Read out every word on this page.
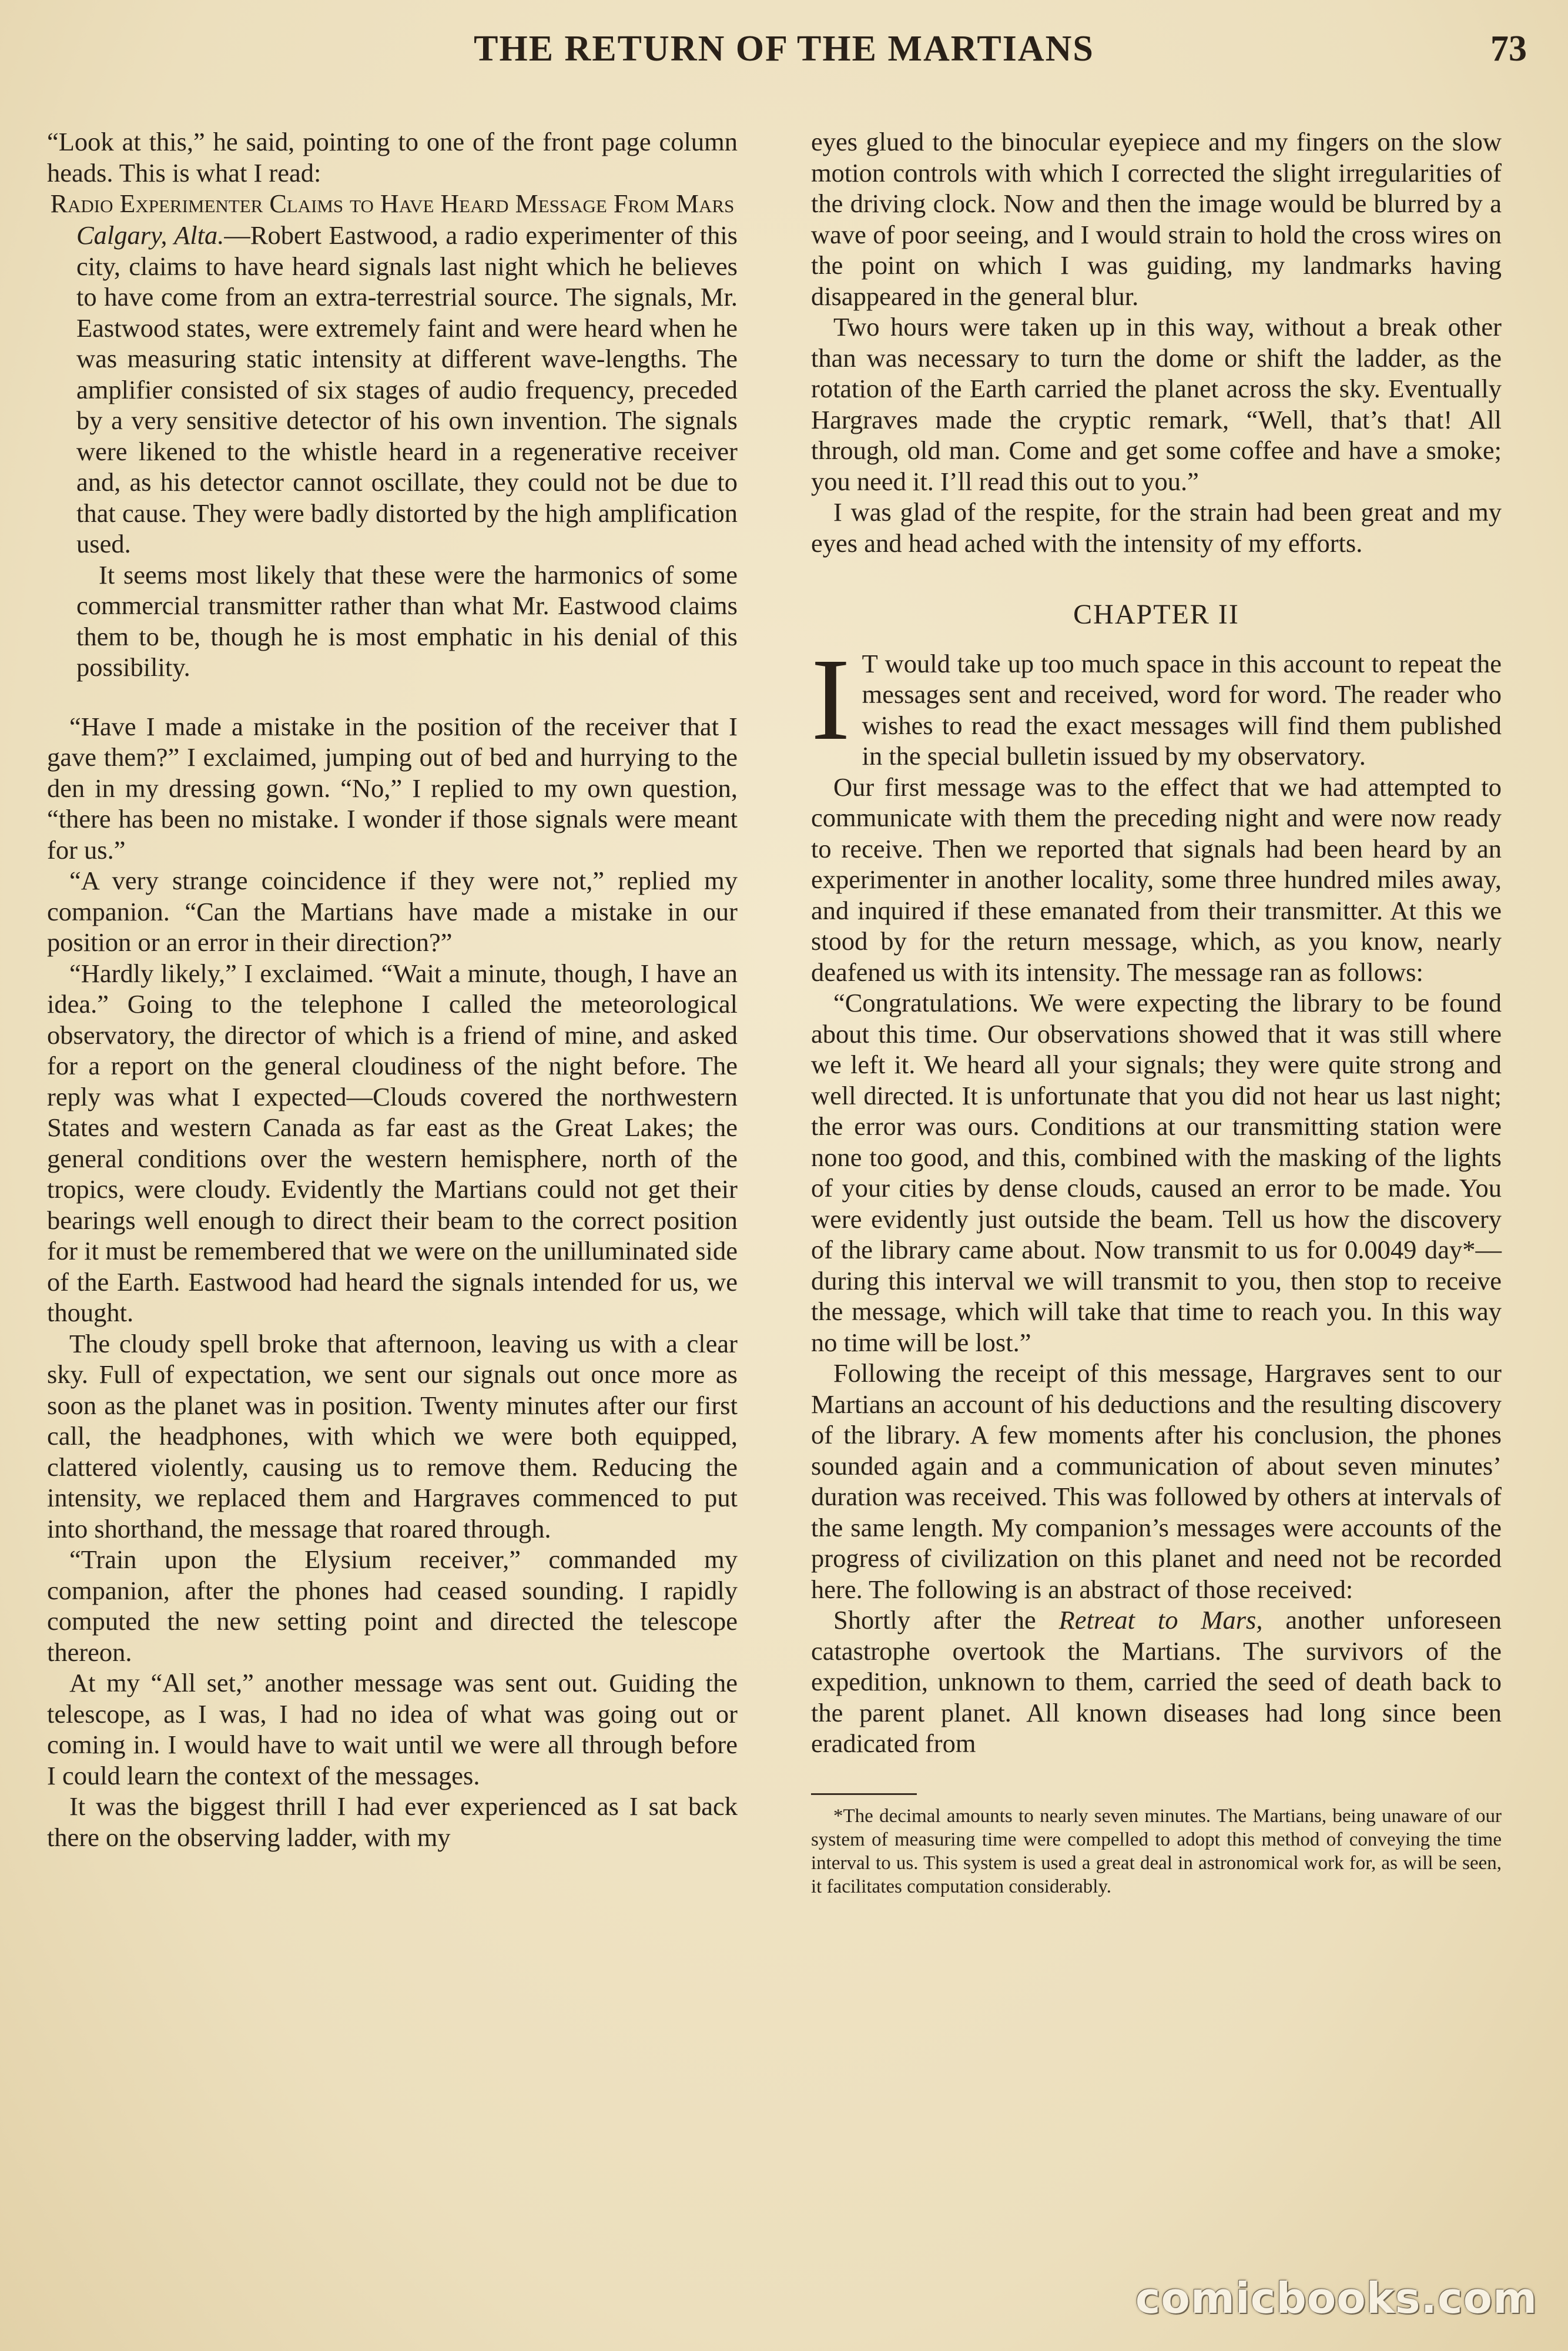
THE RETURN OF THE MARTIANS	73

“Look at this,” he said, pointing to one of the front page column heads. This is what I read:

Radio Experimenter Claims to Have Heard Message From Mars

Calgary, Alta.—Robert Eastwood, a radio experimenter of this city, claims to have heard signals last night which he believes to have come from an extra-terrestrial source. The signals, Mr. Eastwood states, were extremely faint and were heard when he was measuring static intensity at different wave-lengths. The amplifier consisted of six stages of audio frequency, preceded by a very sensitive detector of his own invention. The signals were likened to the whistle heard in a regenerative receiver and, as his detector cannot oscillate, they could not be due to that cause. They were badly distorted by the high amplification used.

It seems most likely that these were the harmonics of some commercial transmitter rather than what Mr. Eastwood claims them to be, though he is most emphatic in his denial of this possibility.

“Have I made a mistake in the position of the receiver that I gave them?” I exclaimed, jumping out of bed and hurrying to the den in my dressing gown. “No,” I replied to my own question, “there has been no mistake. I wonder if those signals were meant for us.”

“A very strange coincidence if they were not,” replied my companion. “Can the Martians have made a mistake in our position or an error in their direction?”

“Hardly likely,” I exclaimed. “Wait a minute, though, I have an idea.” Going to the telephone I called the meteorological observatory, the director of which is a friend of mine, and asked for a report on the general cloudiness of the night before. The reply was what I expected—Clouds covered the northwestern States and western Canada as far east as the Great Lakes; the general conditions over the western hemisphere, north of the tropics, were cloudy. Evidently the Martians could not get their bearings well enough to direct their beam to the correct position for it must be remembered that we were on the unilluminated side of the Earth. Eastwood had heard the signals intended for us, we thought.

The cloudy spell broke that afternoon, leaving us with a clear sky. Full of expectation, we sent our signals out once more as soon as the planet was in position. Twenty minutes after our first call, the headphones, with which we were both equipped, clattered violently, causing us to remove them. Reducing the intensity, we replaced them and Hargraves commenced to put into shorthand, the message that roared through.

“Train upon the Elysium receiver,” commanded my companion, after the phones had ceased sounding. I rapidly computed the new setting point and directed the telescope thereon.

At my “All set,” another message was sent out. Guiding the telescope, as I was, I had no idea of what was going out or coming in. I would have to wait until we were all through before I could learn the context of the messages.

It was the biggest thrill I had ever experienced as I sat back there on the observing ladder, with my

eyes glued to the binocular eyepiece and my fingers on the slow motion controls with which I corrected the slight irregularities of the driving clock. Now and then the image would be blurred by a wave of poor seeing, and I would strain to hold the cross wires on the point on which I was guiding, my landmarks having disappeared in the general blur.

Two hours were taken up in this way, without a break other than was necessary to turn the dome or shift the ladder, as the rotation of the Earth carried the planet across the sky. Eventually Hargraves made the cryptic remark, “Well, that’s that! All through, old man. Come and get some coffee and have a smoke; you need it. I’ll read this out to you.”

I was glad of the respite, for the strain had been great and my eyes and head ached with the intensity of my efforts.

CHAPTER II

I T would take up too much space in this account to repeat the messages sent and received, word for word. The reader who wishes to read the exact messages will find them published in the special bulletin issued by my observatory.

Our first message was to the effect that we had attempted to communicate with them the preceding night and were now ready to receive. Then we reported that signals had been heard by an experimenter in another locality, some three hundred miles away, and inquired if these emanated from their transmitter. At this we stood by for the return message, which, as you know, nearly deafened us with its intensity. The message ran as follows:

“Congratulations. We were expecting the library to be found about this time. Our observations showed that it was still where we left it. We heard all your signals; they were quite strong and well directed. It is unfortunate that you did not hear us last night; the error was ours. Conditions at our transmitting station were none too good, and this, combined with the masking of the lights of your cities by dense clouds, caused an error to be made. You were evidently just outside the beam. Tell us how the discovery of the library came about. Now transmit to us for 0.0049 day*—during this interval we will transmit to you, then stop to receive the message, which will take that time to reach you. In this way no time will be lost.”

Following the receipt of this message, Hargraves sent to our Martians an account of his deductions and the resulting discovery of the library. A few moments after his conclusion, the phones sounded again and a communication of about seven minutes’ duration was received. This was followed by others at intervals of the same length. My companion’s messages were accounts of the progress of civilization on this planet and need not be recorded here. The following is an abstract of those received:

Shortly after the Retreat to Mars, another unforeseen catastrophe overtook the Martians. The survivors of the expedition, unknown to them, carried the seed of death back to the parent planet. All known diseases had long since been eradicated from

*The decimal amounts to nearly seven minutes. The Martians, being unaware of our system of measuring time were compelled to adopt this method of conveying the time interval to us. This system is used a great deal in astronomical work for, as will be seen, it facilitates computation considerably.

comicbooks.com
